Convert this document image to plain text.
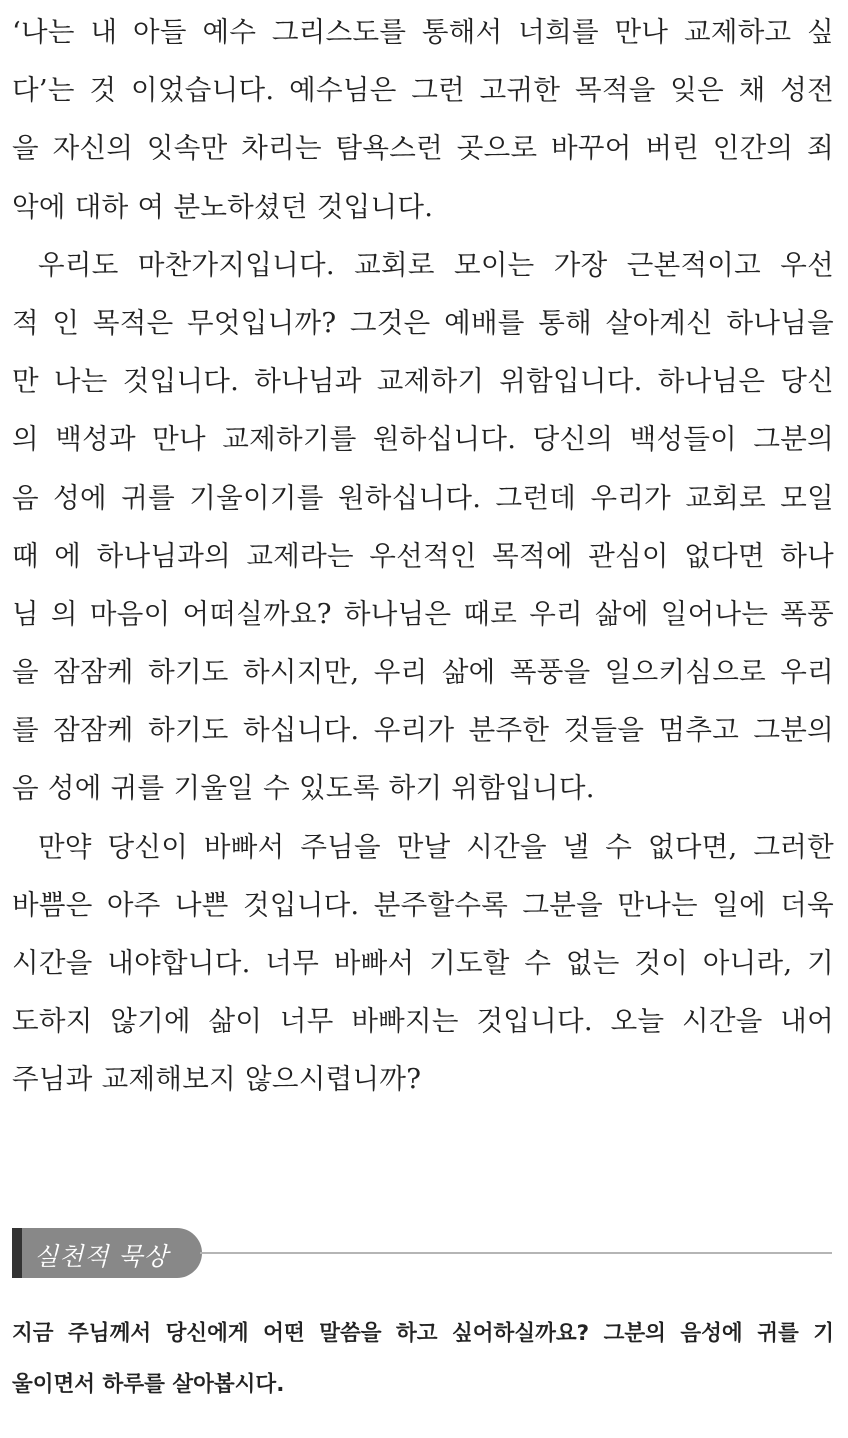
‘나는 내 아들 예수 그리스도를 통해서 너희를 만나 교제하고 싶
다’는 것 이었습니다. 예수님은 그런 고귀한 목적을 잊은 채 성전
을 자신의 잇속만 차리는 탐욕스런 곳으로 바꾸어 버린 인간의 죄
악에 대하 여 분노하셨던 것입니다.
우리도 마찬가지입니다. 교회로 모이는 가장 근본적이고 우선
적 인 목적은 무엇입니까? 그것은 예배를 통해 살아계신 하나님을
만 나는 것입니다. 하나님과 교제하기 위함입니다. 하나님은 당신
의 백성과 만나 교제하기를 원하십니다. 당신의 백성들이 그분의
음 성에 귀를 기울이기를 원하십니다. 그런데 우리가 교회로 모일
때 에 하나님과의 교제라는 우선적인 목적에 관심이 없다면 하나
님 의 마음이 어떠실까요? 하나님은 때로 우리 삶에 일어나는 폭풍
을 잠잠케 하기도 하시지만, 우리 삶에 폭풍을 일으키심으로 우리
를 잠잠케 하기도 하십니다. 우리가 분주한 것들을 멈추고 그분의
음 성에 귀를 기울일 수 있도록 하기 위함입니다.
만약 당신이 바빠서 주님을 만날 시간을 낼 수 없다면, 그러한
바쁨은 아주 나쁜 것입니다. 분주할수록 그분을 만나는 일에 더욱
시간을 내야합니다. 너무 바빠서 기도할 수 없는 것이 아니라, 기
도하지 않기에 삶이 너무 바빠지는 것입니다. 오늘 시간을 내어
주님과 교제해보지 않으시렵니까?
실천적 묵상
지금 주님께서 당신에게 어떤 말씀을 하고 싶어하실까요? 그분의 음성에 귀를 기
울이면서 하루를 살아봅시다.
